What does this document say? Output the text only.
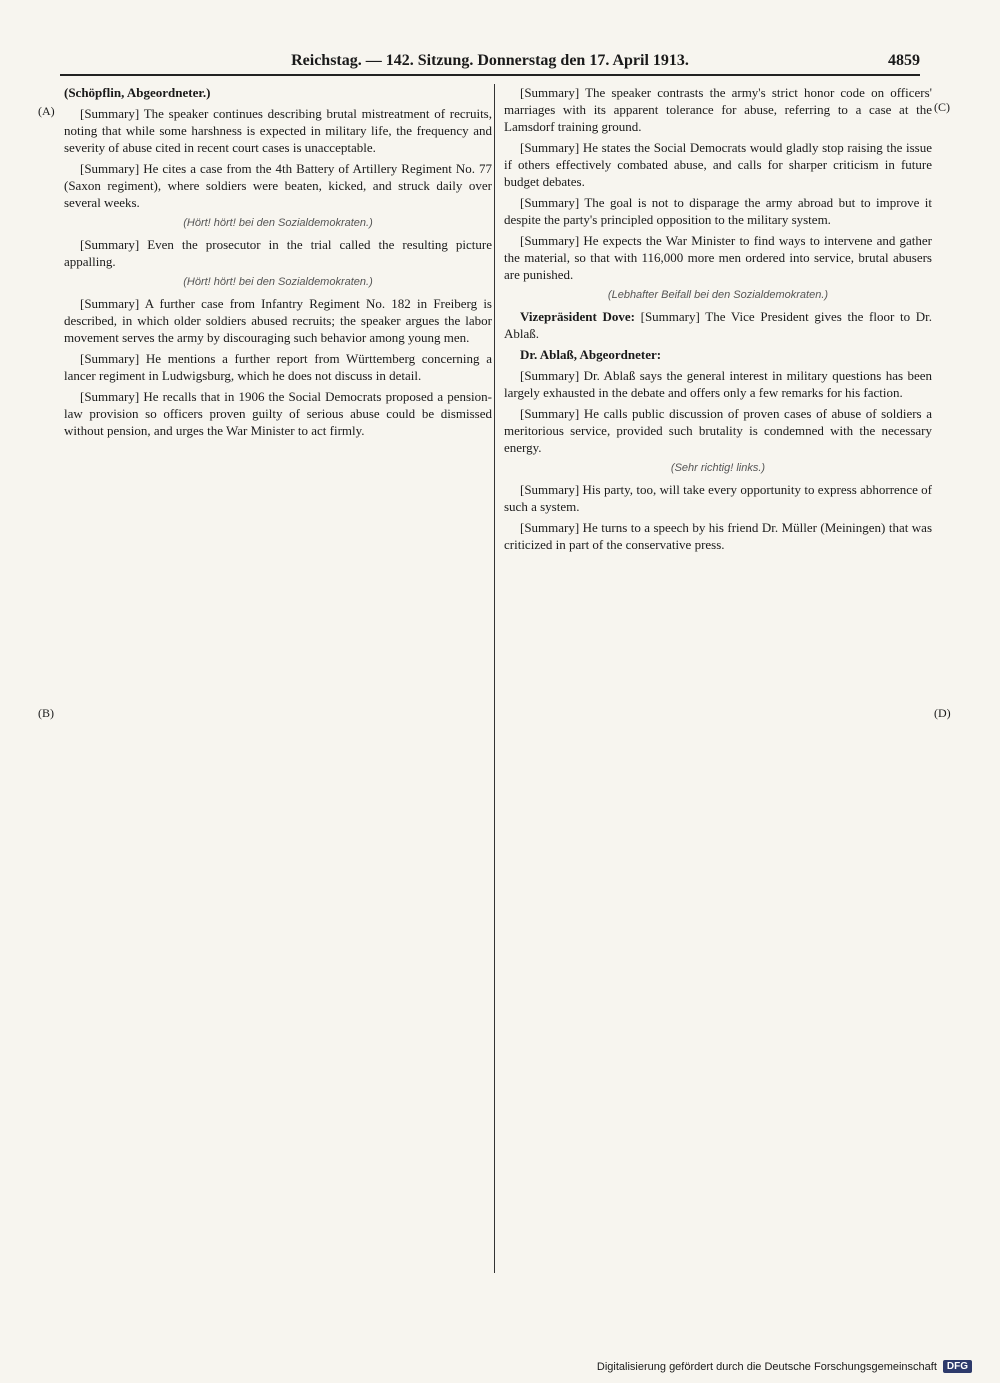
Reichstag. — 142. Sitzung. Donnerstag den 17. April 1913.	4859
(A)
(B)
(C)
(D)

(Schöpflin, Abgeordneter.)

[Summary] The speaker continues describing brutal mistreatment of recruits, noting that while some harshness is expected in military life, the frequency and severity of abuse cited in recent court cases is unacceptable.

[Summary] He cites a case from the 4th Battery of Artillery Regiment No. 77 (Saxon regiment), where soldiers were beaten, kicked, and struck daily over several weeks.

(Hört! hört! bei den Sozialdemokraten.)

[Summary] Even the prosecutor in the trial called the resulting picture appalling.

(Hört! hört! bei den Sozialdemokraten.)

[Summary] A further case from Infantry Regiment No. 182 in Freiberg is described, in which older soldiers abused recruits; the speaker argues the labor movement serves the army by discouraging such behavior among young men.

[Summary] He mentions a further report from Württemberg concerning a lancer regiment in Ludwigsburg, which he does not discuss in detail.

[Summary] He recalls that in 1906 the Social Democrats proposed a pension-law provision so officers proven guilty of serious abuse could be dismissed without pension, and urges the War Minister to act firmly.

[Summary] The speaker contrasts the army's strict honor code on officers' marriages with its apparent tolerance for abuse, referring to a case at the Lamsdorf training ground.

[Summary] He states the Social Democrats would gladly stop raising the issue if others effectively combated abuse, and calls for sharper criticism in future budget debates.

[Summary] The goal is not to disparage the army abroad but to improve it despite the party's principled opposition to the military system.

[Summary] He expects the War Minister to find ways to intervene and gather the material, so that with 116,000 more men ordered into service, brutal abusers are punished.

(Lebhafter Beifall bei den Sozialdemokraten.)

Vizepräsident Dove: [Summary] The Vice President gives the floor to Dr. Ablaß.

Dr. Ablaß, Abgeordneter:

[Summary] Dr. Ablaß says the general interest in military questions has been largely exhausted in the debate and offers only a few remarks for his faction.

[Summary] He calls public discussion of proven cases of abuse of soldiers a meritorious service, provided such brutality is condemned with the necessary energy.

(Sehr richtig! links.)

[Summary] His party, too, will take every opportunity to express abhorrence of such a system.

[Summary] He turns to a speech by his friend Dr. Müller (Meiningen) that was criticized in part of the conservative press.

Digitalisierung gefördert durch die Deutsche Forschungsgemeinschaft	DFG
